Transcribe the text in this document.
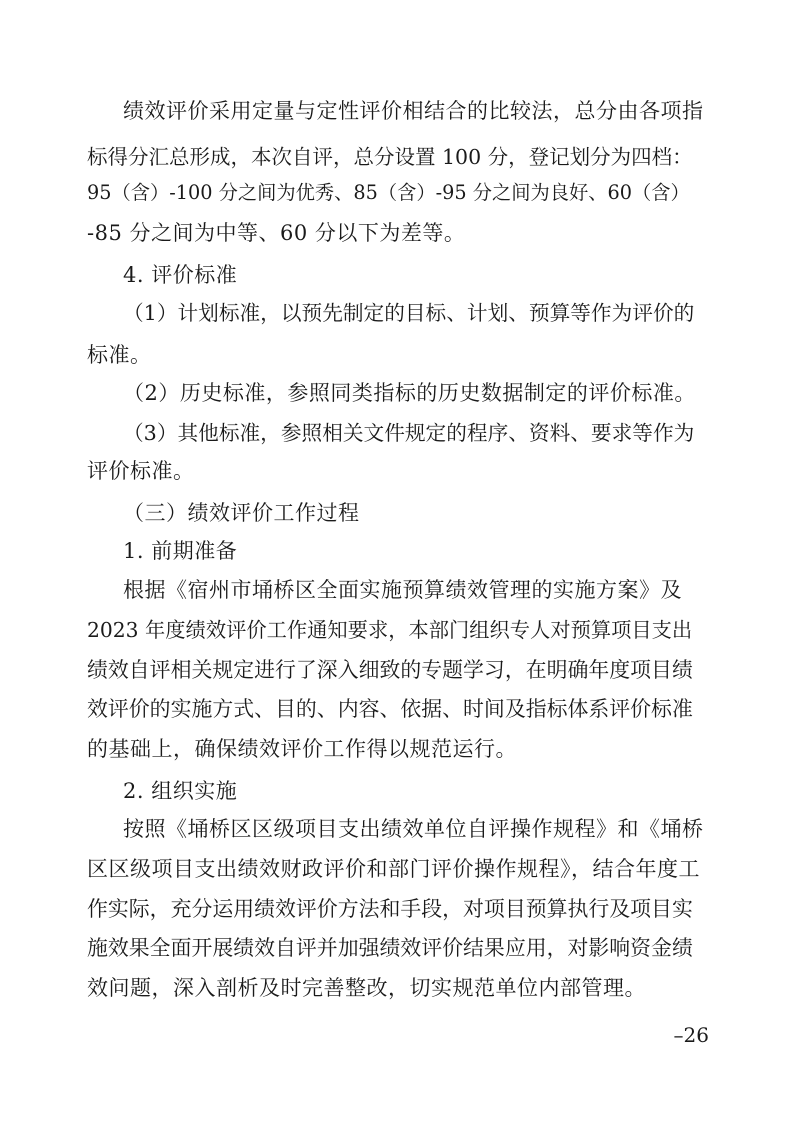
绩效评价采用定量与定性评价相结合的比较法，总分由各项指
标得分汇总形成，本次自评，总分设置 100 分，登记划分为四档：
95（含）-100 分之间为优秀、85（含）-95 分之间为良好、60（含）
-85 分之间为中等、60 分以下为差等。
4. 评价标准
（1）计划标准，以预先制定的目标、计划、预算等作为评价的
标准。
（2）历史标准，参照同类指标的历史数据制定的评价标准。
（3）其他标准，参照相关文件规定的程序、资料、要求等作为
评价标准。
（三）绩效评价工作过程
1. 前期准备
根据《宿州市埇桥区全面实施预算绩效管理的实施方案》及
2023 年度绩效评价工作通知要求，本部门组织专人对预算项目支出
绩效自评相关规定进行了深入细致的专题学习，在明确年度项目绩
效评价的实施方式、目的、内容、依据、时间及指标体系评价标准
的基础上，确保绩效评价工作得以规范运行。
2. 组织实施
按照《埇桥区区级项目支出绩效单位自评操作规程》和《埇桥
区区级项目支出绩效财政评价和部门评价操作规程》，结合年度工
作实际，充分运用绩效评价方法和手段，对项目预算执行及项目实
施效果全面开展绩效自评并加强绩效评价结果应用，对影响资金绩
效问题，深入剖析及时完善整改，切实规范单位内部管理。
–26
